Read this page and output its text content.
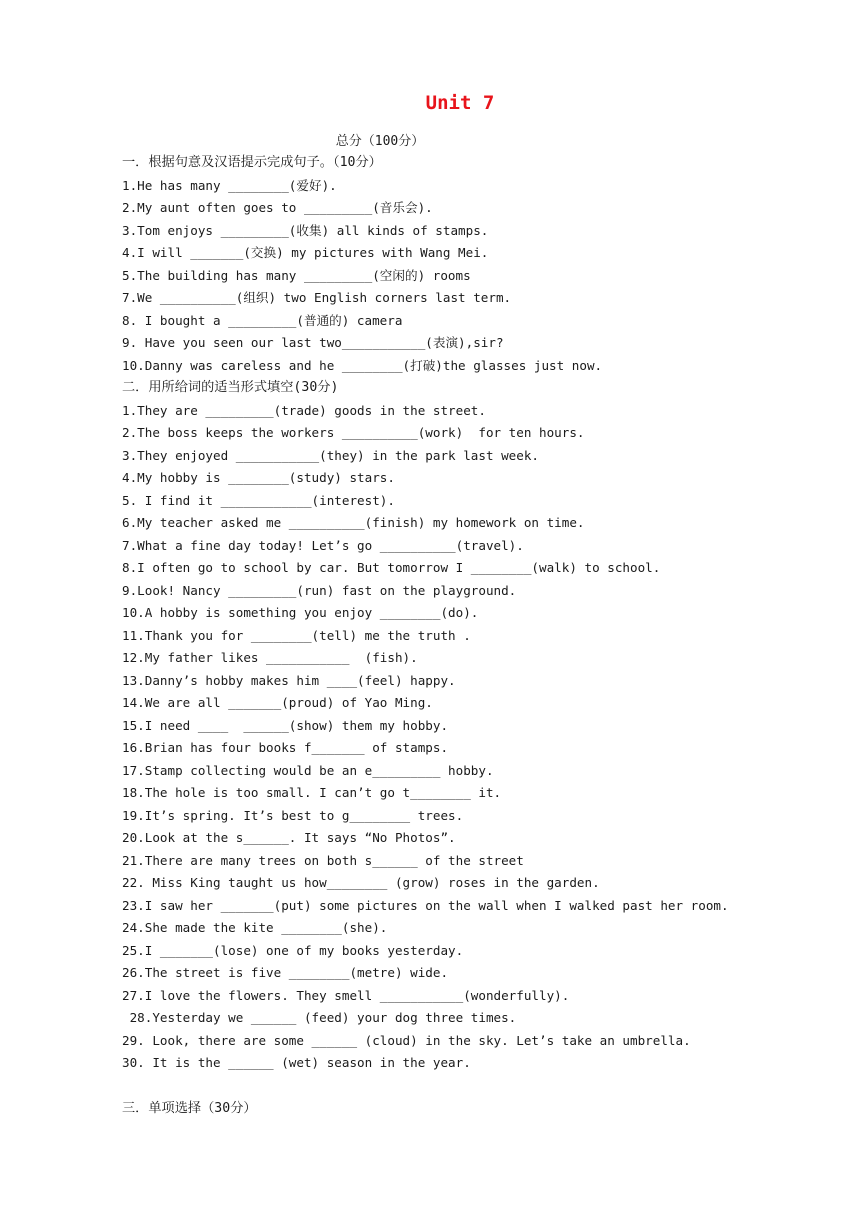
Unit 7
总分（100分）
一．根据句意及汉语提示完成句子。（10分）
1.He has many ________(爱好).
2.My aunt often goes to _________(音乐会).
3.Tom enjoys _________(收集) all kinds of stamps.
4.I will _______(交换) my pictures with Wang Mei.
5.The building has many _________(空闲的) rooms
7.We __________(组织) two English corners last term.
8. I bought a _________(普通的) camera
9. Have you seen our last two___________(表演),sir?
10.Danny was careless and he ________(打破)the glasses just now.
二．用所给词的适当形式填空(30分)
1.They are _________(trade) goods in the street.
2.The boss keeps the workers __________(work)  for ten hours.
3.They enjoyed ___________(they) in the park last week.
4.My hobby is ________(study) stars.
5. I find it ____________(interest).
6.My teacher asked me __________(finish) my homework on time.
7.What a fine day today! Let’s go __________(travel).
8.I often go to school by car. But tomorrow I ________(walk) to school.
9.Look! Nancy _________(run) fast on the playground.
10.A hobby is something you enjoy ________(do).
11.Thank you for ________(tell) me the truth .
12.My father likes ___________  (fish).
13.Danny’s hobby makes him ____(feel) happy.
14.We are all _______(proud) of Yao Ming.
15.I need ____  ______(show) them my hobby.
16.Brian has four books f_______ of stamps.
17.Stamp collecting would be an e_________ hobby.
18.The hole is too small. I can’t go t________ it.
19.It’s spring. It’s best to g________ trees.
20.Look at the s______. It says “No Photos”.
21.There are many trees on both s______ of the street
22. Miss King taught us how________ (grow) roses in the garden.
23.I saw her _______(put) some pictures on the wall when I walked past her room.
24.She made the kite ________(she).
25.I _______(lose) one of my books yesterday.
26.The street is five ________(metre) wide.
27.I love the flowers. They smell ___________(wonderfully).
28.Yesterday we ______ (feed) your dog three times.
29. Look, there are some ______ (cloud) in the sky. Let’s take an umbrella.
30. It is the ______ (wet) season in the year.
三．单项选择（30分）
